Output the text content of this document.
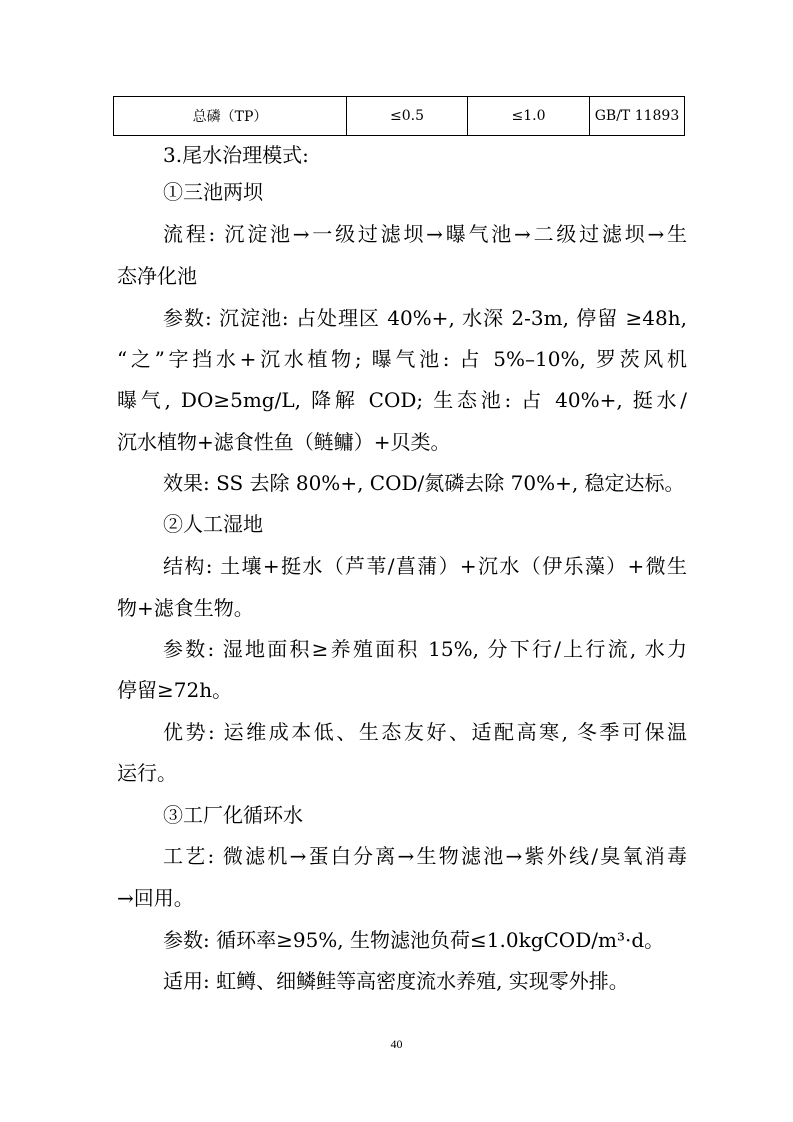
总磷（TP）	≤0.5	≤1.0	GB/T 11893
3.尾水治理模式:
①三池两坝
流程: 沉淀池→一级过滤坝→曝气池→二级过滤坝→生
态净化池
参数: 沉淀池: 占处理区 40%+, 水深 2-3m, 停留 ≥48h,
“之”字挡水+沉水植物; 曝气池: 占 5%–10%, 罗茨风机
曝气, DO≥5mg/L, 降解 COD; 生态池: 占 40%+, 挺水/
沉水植物+滤食性鱼（鲢鳙）+贝类。
效果: SS 去除 80%+, COD/氮磷去除 70%+, 稳定达标。
②人工湿地
结构: 土壤+挺水（芦苇/菖蒲）+沉水（伊乐藻）+微生
物+滤食生物。
参数: 湿地面积≥养殖面积 15%, 分下行/上行流, 水力
停留≥72h。
优势: 运维成本低、生态友好、适配高寒, 冬季可保温
运行。
③工厂化循环水
工艺: 微滤机→蛋白分离→生物滤池→紫外线/臭氧消毒
→回用。
参数: 循环率≥95%, 生物滤池负荷≤1.0kgCOD/m³·d。
适用: 虹鳟、细鳞鲑等高密度流水养殖, 实现零外排。
40
